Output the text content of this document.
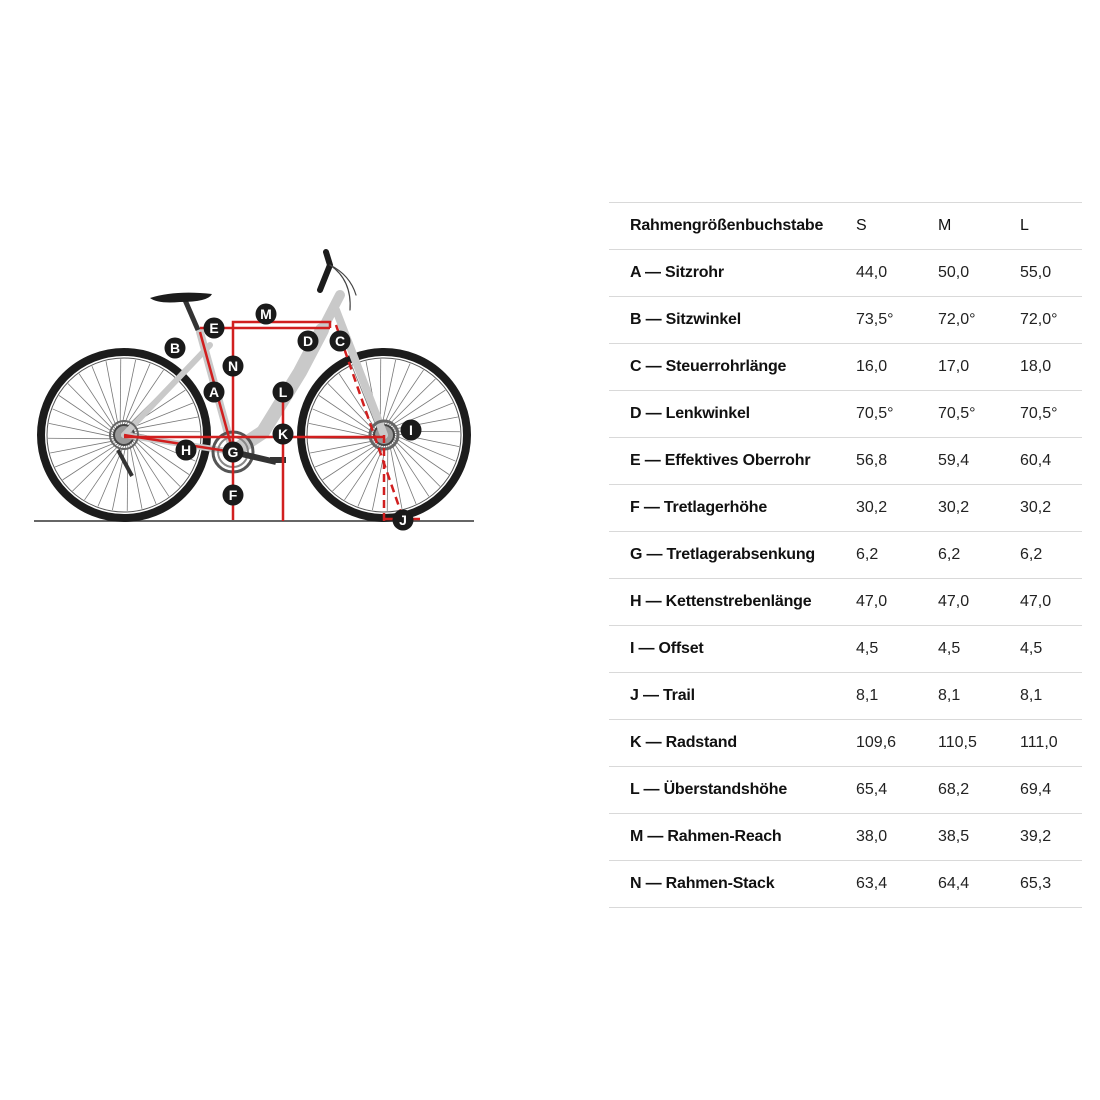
A
B	C
D
E
F
G
H
I
J
K
L
M
N
Rahmengrößenbuchstabe	S	M	L
A — Sitzrohr	44,0	50,0	55,0
B — Sitzwinkel	73,5°	72,0°	72,0°
C — Steuerrohrlänge	16,0	17,0	18,0
D — Lenkwinkel	70,5°	70,5°	70,5°
E — Effektives Oberrohr	56,8	59,4	60,4
F — Tretlagerhöhe	30,2	30,2	30,2
G — Tretlagerabsenkung	6,2	6,2	6,2
H — Kettenstrebenlänge	47,0	47,0	47,0
I — Offset	4,5	4,5	4,5
J — Trail	8,1	8,1	8,1
K — Radstand	109,6	110,5	111,0
L — Überstandshöhe	65,4	68,2	69,4
M — Rahmen-Reach	38,0	38,5	39,2
N — Rahmen-Stack	63,4	64,4	65,3
